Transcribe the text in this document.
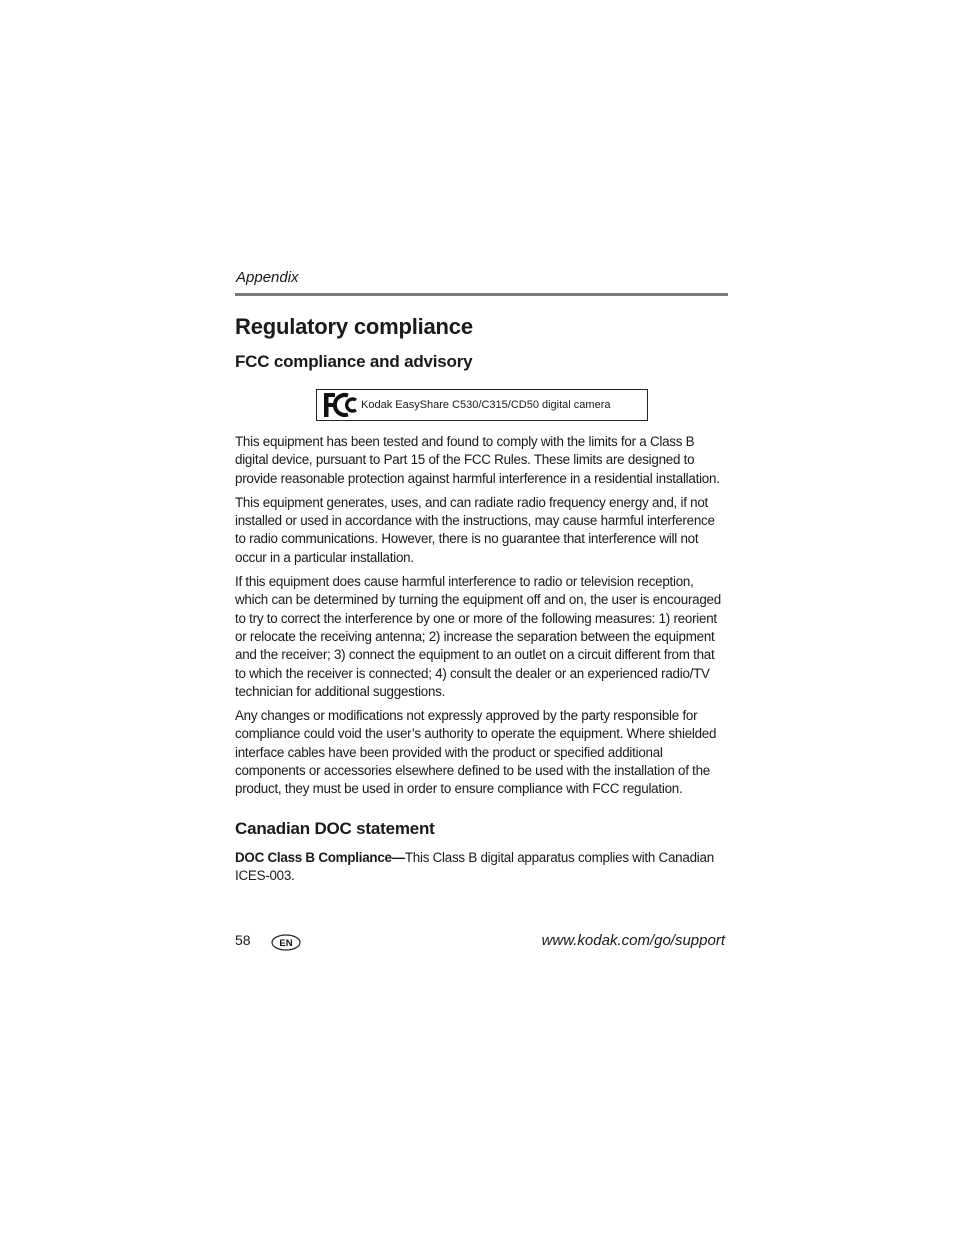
Appendix
Regulatory compliance
FCC compliance and advisory
Kodak EasyShare C530/C315/CD50 digital camera

This equipment has been tested and found to comply with the limits for a Class B digital device, pursuant to Part 15 of the FCC Rules. These limits are designed to provide reasonable protection against harmful interference in a residential installation.

This equipment generates, uses, and can radiate radio frequency energy and, if not installed or used in accordance with the instructions, may cause harmful interference to radio communications. However, there is no guarantee that interference will not occur in a particular installation.

If this equipment does cause harmful interference to radio or television reception, which can be determined by turning the equipment off and on, the user is encouraged to try to correct the interference by one or more of the following measures: 1) reorient or relocate the receiving antenna; 2) increase the separation between the equipment and the receiver; 3) connect the equipment to an outlet on a circuit different from that to which the receiver is connected; 4) consult the dealer or an experienced radio/TV technician for additional suggestions.

Any changes or modifications not expressly approved by the party responsible for compliance could void the user’s authority to operate the equipment. Where shielded interface cables have been provided with the product or specified additional components or accessories elsewhere defined to be used with the installation of the product, they must be used in order to ensure compliance with FCC regulation.

Canadian DOC statement

DOC Class B Compliance—This Class B digital apparatus complies with Canadian ICES-003.

58	EN	www.kodak.com/go/support
